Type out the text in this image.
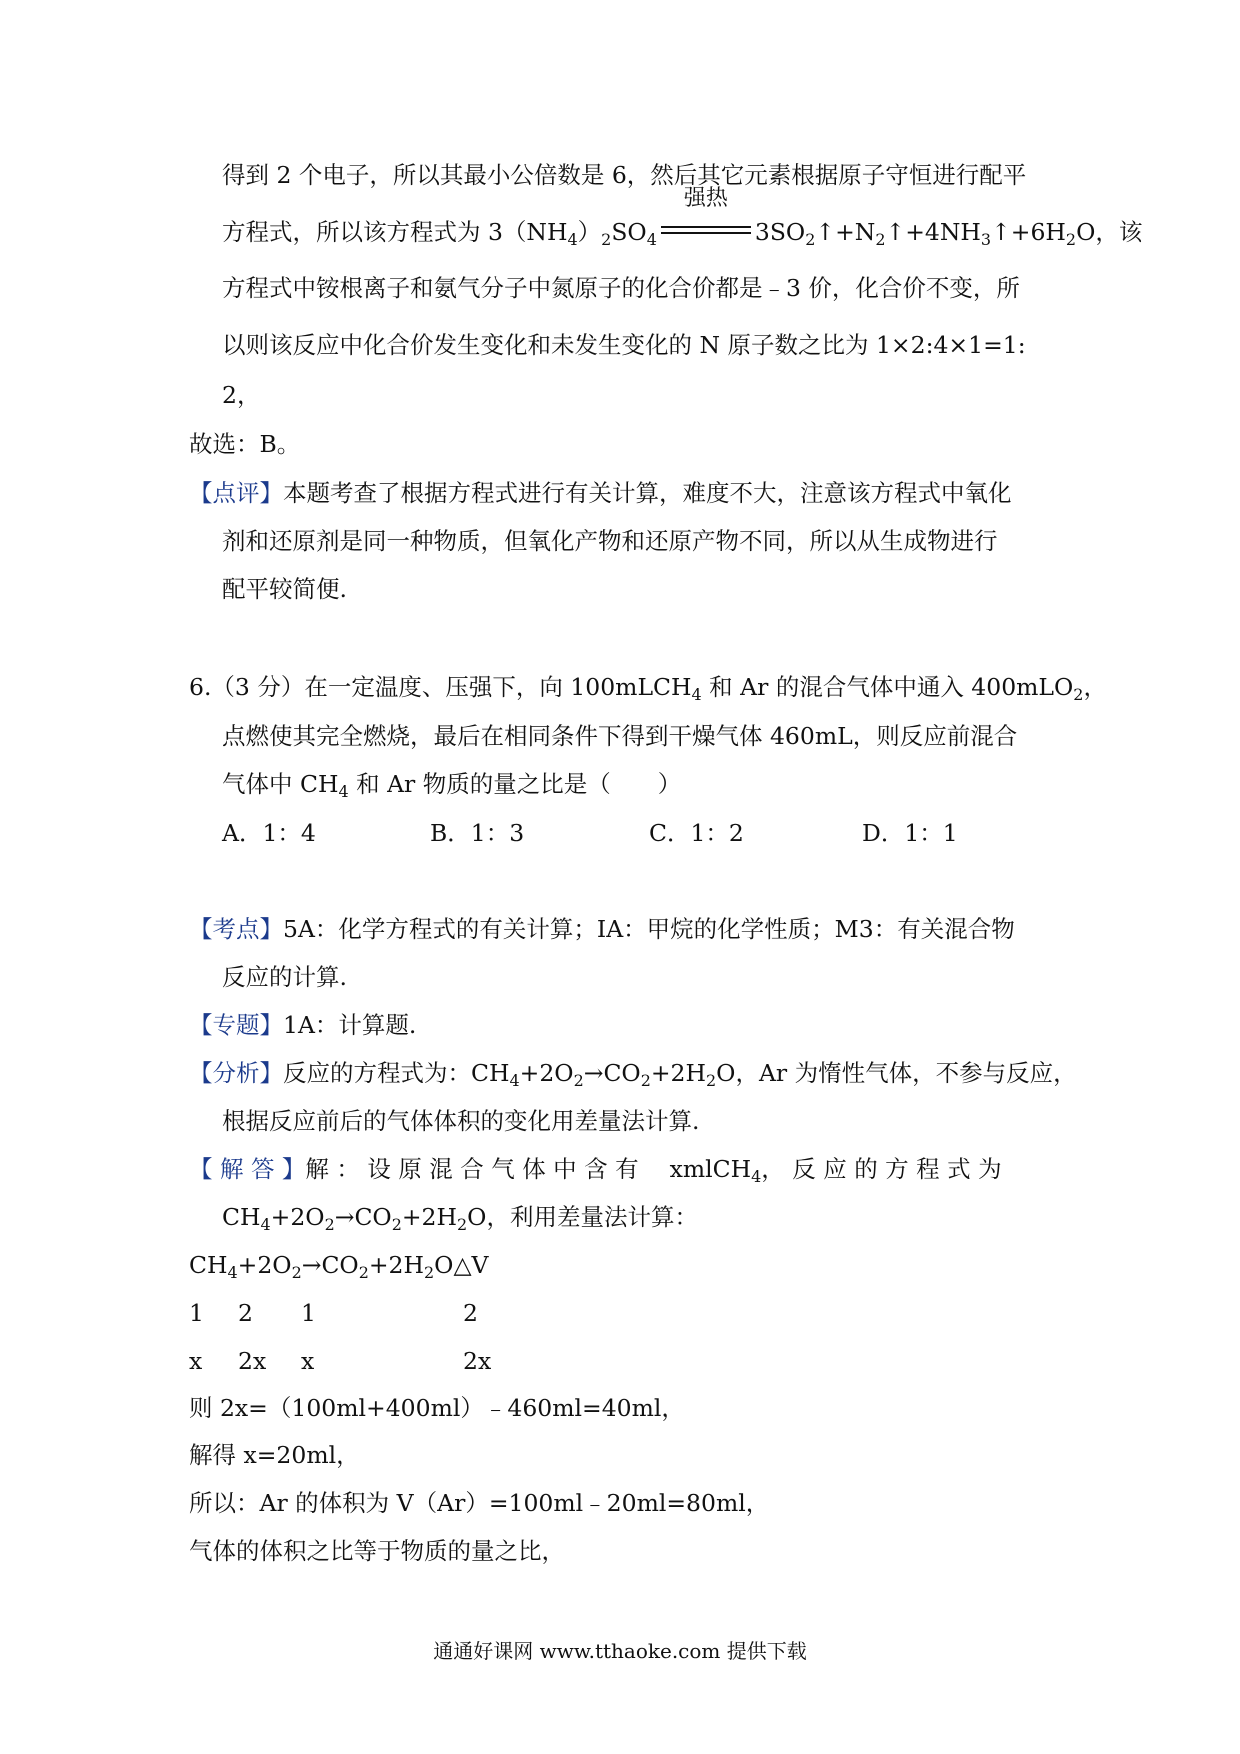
得到 2 个电子，所以其最小公倍数是 6，然后其它元素根据原子守恒进行配平
方程式，所以该方程式为 $3(NH_4)_2SO_4$
强热
$3SO_2↑+N_2↑+4NH_3↑+6H_2O$，该
方程式中铵根离子和氨气分子中氮原子的化合价都是﹣3 价，化合价不变，所
以则该反应中化合价发生变化和未发生变化的 N 原子数之比为 1×2:4×1=1:
2，
故选：B。
【点评】本题考查了根据方程式进行有关计算，难度不大，注意该方程式中氧化
剂和还原剂是同一种物质，但氧化产物和还原产物不同，所以从生成物进行
配平较简便.
6.（3 分）在一定温度、压强下，向 100mLCH$_4$ 和 Ar 的混合气体中通入 400mLO$_2$，
点燃使其完全燃烧，最后在相同条件下得到干燥气体 460mL，则反应前混合
气体中 $CH_4$ 和 Ar 物质的量之比是（　　）
A．1：4	B．1：3	C．1：2	D．1：1
【考点】5A：化学方程式的有关计算；IA：甲烷的化学性质；M3：有关混合物
反应的计算.
【专题】1A：计算题.
【分析】反应的方程式为：$CH_4+2O_2\to CO_2+2H_2O$，Ar 为惰性气体，不参与反应，
根据反应前后的气体体积的变化用差量法计算.
【 解 答 】解 ： 设 原 混 合 气 体 中 含 有 　xmlCH$_4$， 反 应 的 方 程 式 为
$CH_4+2O_2\to CO_2+2H_2O$，利用差量法计算：
$CH_4+2O_2\to CO_2+2H_2O\triangle V$
1 2 1	2
x 2x x	2x
则 2x=（100ml+400ml）﹣460ml=40ml，
解得 x=20ml，
所以：Ar 的体积为 V（Ar）=100ml﹣20ml=80ml，
气体的体积之比等于物质的量之比，
通通好课网 www.tthaoke.com 提供下载
